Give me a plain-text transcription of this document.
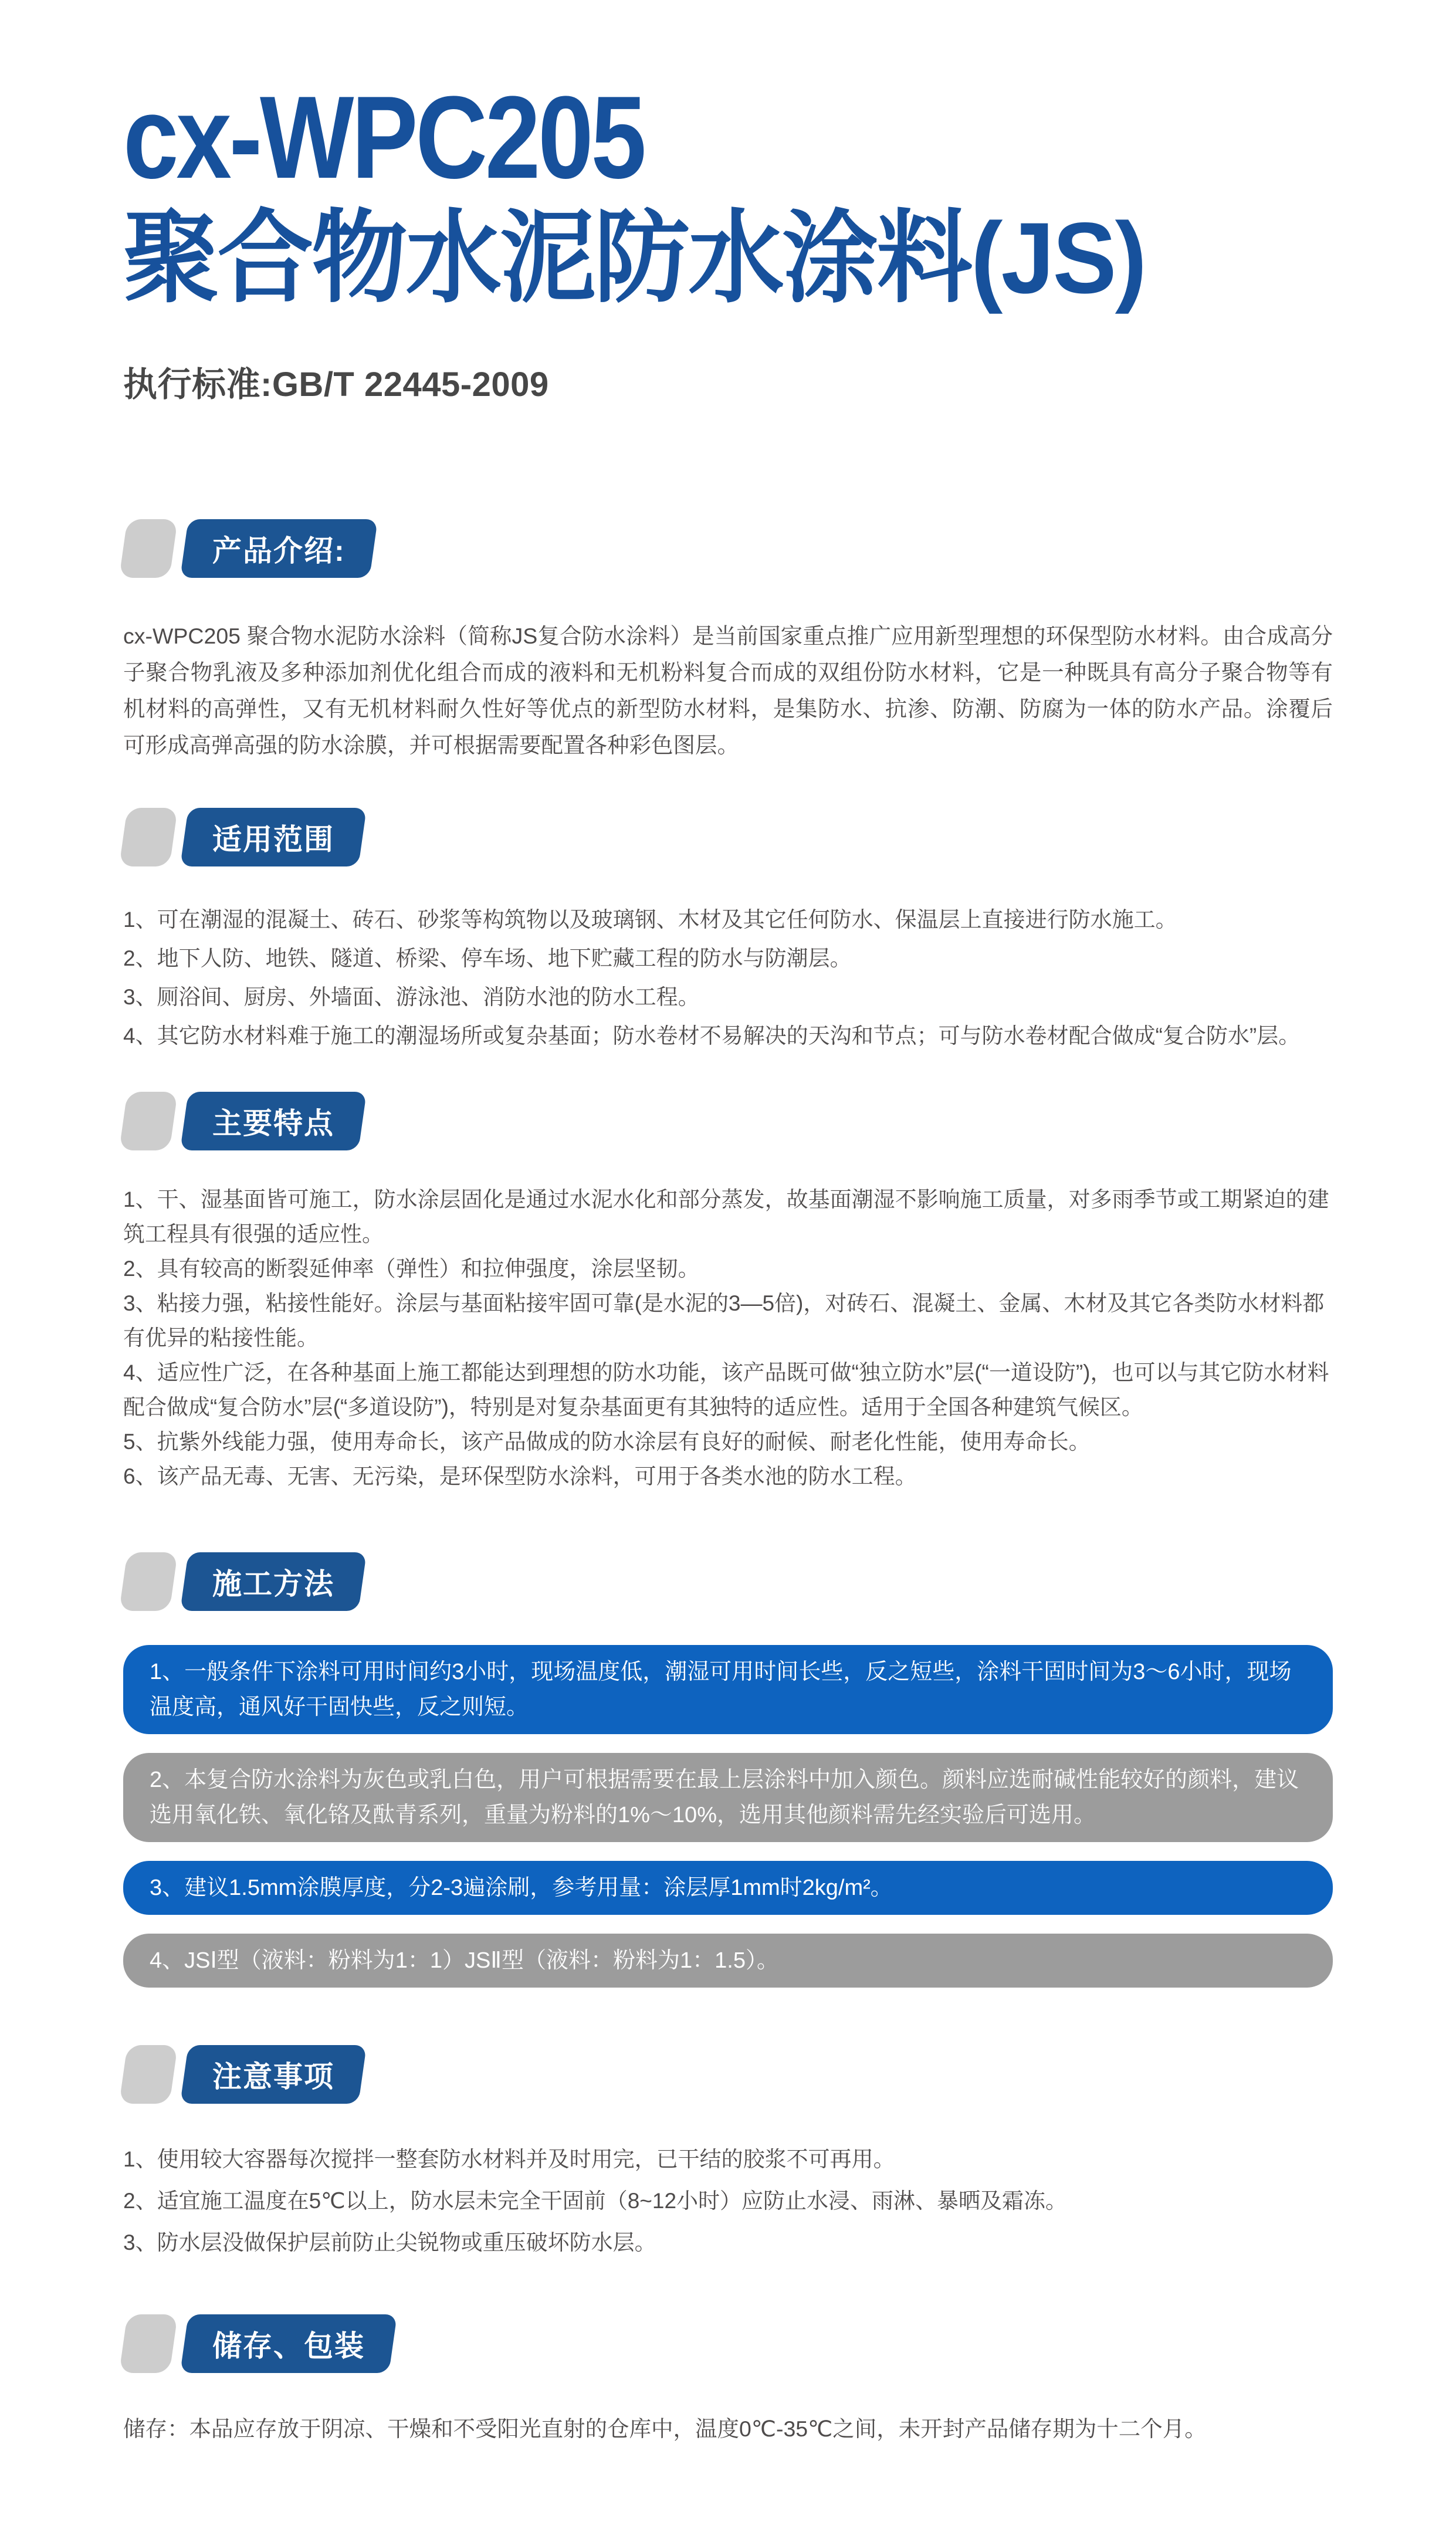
cx-WPC205
聚合物水泥防水涂料(JS)
执行标准:GB/T 22445-2009
产品介绍:

cx-WPC205 聚合物水泥防水涂料（简称JS复合防水涂料）是当前国家重点推广应用新型理想的环保型防水材料。由合成高分子聚合物乳液及多种添加剂优化组合而成的液料和无机粉料复合而成的双组份防水材料，它是一种既具有高分子聚合物等有机材料的高弹性，又有无机材料耐久性好等优点的新型防水材料，是集防水、抗渗、防潮、防腐为一体的防水产品。涂覆后可形成高弹高强的防水涂膜，并可根据需要配置各种彩色图层。

适用范围
1、可在潮湿的混凝土、砖石、砂浆等构筑物以及玻璃钢、木材及其它任何防水、保温层上直接进行防水施工。
2、地下人防、地铁、隧道、桥梁、停车场、地下贮藏工程的防水与防潮层。
3、厕浴间、厨房、外墙面、游泳池、消防水池的防水工程。
4、其它防水材料难于施工的潮湿场所或复杂基面；防水卷材不易解决的天沟和节点；可与防水卷材配合做成“复合防水”层。
主要特点
1、干、湿基面皆可施工，防水涂层固化是通过水泥水化和部分蒸发，故基面潮湿不影响施工质量，对多雨季节或工期紧迫的建筑工程具有很强的适应性。
2、具有较高的断裂延伸率（弹性）和拉伸强度，涂层坚韧。
3、粘接力强，粘接性能好。涂层与基面粘接牢固可靠(是水泥的3—5倍)，对砖石、混凝土、金属、木材及其它各类防水材料都有优异的粘接性能。
4、适应性广泛，在各种基面上施工都能达到理想的防水功能，该产品既可做“独立防水”层(“一道设防”)，也可以与其它防水材料配合做成“复合防水”层(“多道设防”)，特别是对复杂基面更有其独特的适应性。适用于全国各种建筑气候区。
5、抗紫外线能力强，使用寿命长，该产品做成的防水涂层有良好的耐候、耐老化性能，使用寿命长。
6、该产品无毒、无害、无污染，是环保型防水涂料，可用于各类水池的防水工程。
施工方法
1、一般条件下涂料可用时间约3小时，现场温度低，潮湿可用时间长些，反之短些，涂料干固时间为3～6小时，现场温度高，通风好干固快些，反之则短。
2、本复合防水涂料为灰色或乳白色，用户可根据需要在最上层涂料中加入颜色。颜料应选耐碱性能较好的颜料，建议选用氧化铁、氧化铬及酞青系列，重量为粉料的1%～10%，选用其他颜料需先经实验后可选用。
3、建议1.5mm涂膜厚度，分2-3遍涂刷，参考用量：涂层厚1mm时2kg/m²。
4、JSⅠ型（液料：粉料为1：1）JSⅡ型（液料：粉料为1：1.5）。
注意事项
1、使用较大容器每次搅拌一整套防水材料并及时用完，已干结的胶浆不可再用。
2、适宜施工温度在5℃以上，防水层未完全干固前（8~12小时）应防止水浸、雨淋、暴晒及霜冻。
3、防水层没做保护层前防止尖锐物或重压破坏防水层。
储存、包装

储存：本品应存放于阴凉、干燥和不受阳光直射的仓库中，温度0℃-35℃之间，未开封产品储存期为十二个月。
